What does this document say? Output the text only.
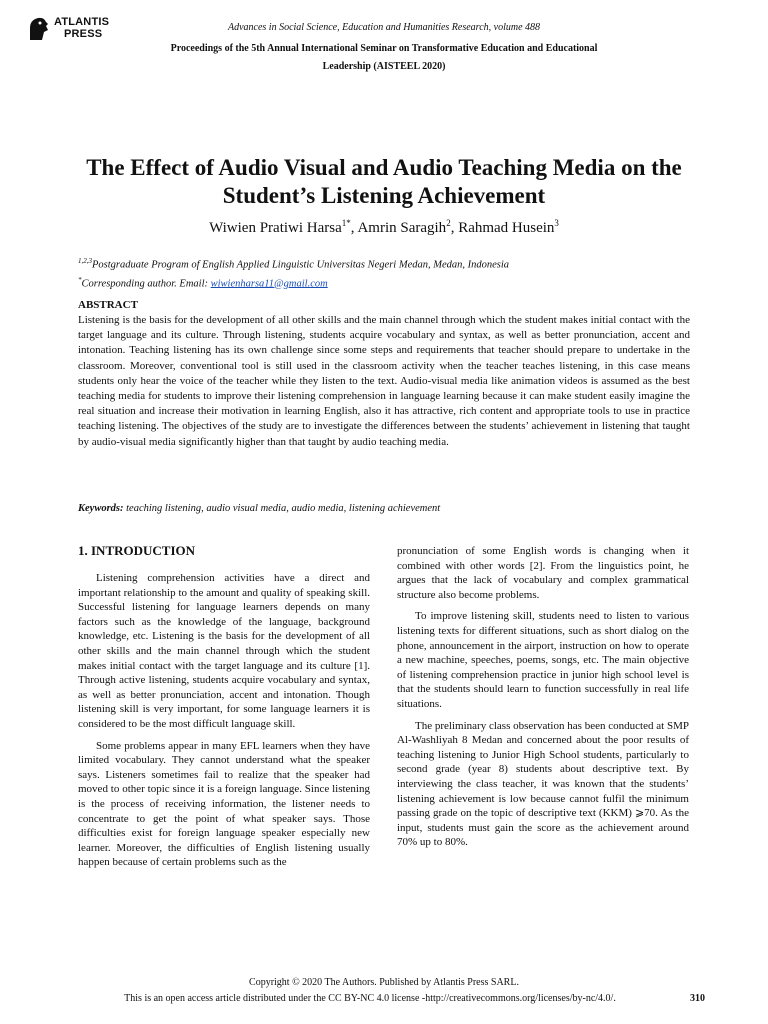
ATLANTIS
PRESS
Advances in Social Science, Education and Humanities Research, volume 488
Proceedings of the 5th Annual International Seminar on Transformative Education and Educational Leadership (AISTEEL 2020)
The Effect of Audio Visual and Audio Teaching Media on the Student’s Listening Achievement
Wiwien Pratiwi Harsa$^{1*}$, Amrin Saragih$^2$, Rahmad Husein$^3$
$^{1,2,3}$Postgraduate Program of English Applied Linguistic Universitas Negeri Medan, Medan, Indonesia
*Corresponding author. Email: wiwienharsa11@gmail.com
ABSTRACT
Listening is the basis for the development of all other skills and the main channel through which the student makes initial contact with the target language and its culture. Through listening, students acquire vocabulary and syntax, as well as better pronunciation, accent and intonation. Teaching listening has its own challenge since some steps and requirements that teacher should prepare to undertake in the classroom. Moreover, conventional tool is still used in the classroom activity when the teacher teaches listening, in this case means students only hear the voice of the teacher while they listen to the text. Audio-visual media like animation videos is assumed as the best teaching media for students to improve their listening comprehension in language learning because it can make student easily imagine the real situation and increase their motivation in learning English, also it has attractive, rich content and appropriate tools to use in practice teaching listening. The objectives of the study are to investigate the differences between the students’ achievement in listening that taught by audio-visual media significantly higher than that taught by audio teaching media.
Keywords: teaching listening, audio visual media, audio media, listening achievement
1. INTRODUCTION

Listening comprehension activities have a direct and important relationship to the amount and quality of speaking skill. Successful listening for language learners depends on many factors such as the knowledge of the language, background knowledge, etc. Listening is the basis for the development of all other skills and the main channel through which the student makes initial contact with the target language and its culture [1]. Through active listening, students acquire vocabulary and syntax, as well as better pronunciation, accent and intonation. Though listening skill is very important, for some language learners it is considered to be the most difficult language skill.

Some problems appear in many EFL learners when they have limited vocabulary. They cannot understand what the speaker says. Listeners sometimes fail to realize that the speaker had moved to other topic since it is a foreign language. Since listening is the process of receiving information, the listener needs to concentrate to get the point of what speaker says. Those difficulties exist for foreign language speaker especially new learner. Moreover, the difficulties of English listening usually happen because of certain problems such as the

pronunciation of some English words is changing when it combined with other words [2]. From the linguistics point, he argues that the lack of vocabulary and complex grammatical structure also become problems.

To improve listening skill, students need to listen to various listening texts for different situations, such as short dialog on the phone, announcement in the airport, instruction on how to operate a new machine, speeches, poems, songs, etc. The main objective of listening comprehension practice in junior high school level is that the students should learn to function successfully in real life situations.

The preliminary class observation has been conducted at SMP Al-Washliyah 8 Medan and concerned about the poor results of teaching listening to Junior High School students, particularly to second grade (year 8) students about descriptive text. By interviewing the class teacher, it was known that the students’ listening achievement is low because cannot fulfil the minimum passing grade on the topic of descriptive text (KKM) ⩾70. As the input, students must gain the score as the achievement around 70% up to 80%.

Copyright © 2020 The Authors. Published by Atlantis Press SARL.
This is an open access article distributed under the CC BY-NC 4.0 license -http://creativecommons.org/licenses/by-nc/4.0/.	310
